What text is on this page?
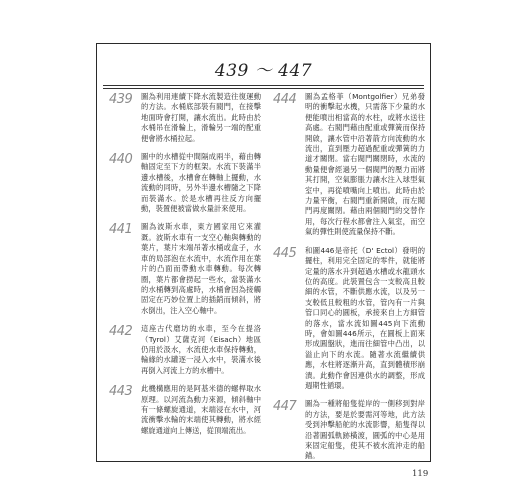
439 ～ 447
439	圖為利用連續下降水流製造往復運動的方法。水桶底部裝有閥門，在接擊地面時會打開，讓水流出。此時由於水桶吊在滑輪上，滑輪另一端的配重便會將水桶拉起。
440	圖中的水槽從中間隔成兩半，藉由轉軸固定至下方的框架。水流下裝滿半邊水槽後，水槽會在轉軸上擺動，水流動的同時，另外半邊水槽隨之下降而裝滿水。於是水槽再往反方向擺動，裝置便被當做水量計來使用。
441	圖為波斯水車，東方國家用它來灌溉。波斯水車有一支空心軸與轉動的葉片，葉片末端吊著水桶或盒子，水車的局部泡在水流中，水流作用在葉片的凸面而帶動水車轉動。每次轉圈，葉片都會撈起一些水，當裝滿水的水桶轉到高處時，水桶會因為接觸固定在巧妙位置上的插銷而傾斜，將水倒出，注入空心軸中。
442	這座古代磨坊的水車，至今在提洛（Tyrol）艾薩克河（Eisach）地區仍用於汲水，水流使水車保持轉動，輪緣的水罐逐一浸入水中，裝滿水後再倒入河流上方的水槽中。
443	此機構應用的是阿基米德的螺桿取水原理。以河流為動力來源，傾斜軸中有一條螺旋通道，末端浸在水中，河流衝擊水輪的末端使其轉動，將水經螺旋通道向上傳送，從頂端流出。
444	圖為孟格菲（Montgolfier）兄弟發明的衝擊起水機，只需落下少量的水便能噴出相當高的水柱，或將水送往高處。右閥門藉由配重或彈簧而保持開啟，讓水管中沿著箭方向流動的水流出，直到壓力超過配重或彈簧的力道才關閉。當右閥門關閉時，水流的動量便會經過另一個閥門的壓力而將其打開，空氣膨脹力讓水注入球型氣室中，再從噴嘴向上噴出。此時由於力量平衡，右閥門重新開啟，而左閥門再度關閉。藉由兩個閥門的交替作用，每次行程水都會注入氣室，而空氣的彈性則使流量保持不斷。
445	和圖446是帝托（D' Ectol）發明的擺柱，利用完全固定的零件，就能將定量的落水升到超過水槽或水龍頭水位的高度。此裝置包含一支較高且較細的水管，不斷供應水流，以及另一支較低且較粗的水管，管內有一片與管口同心的圓板，承接來自上方細管的落水，當水流如圖445向下流動時，會如圖446所示，在圓板上面來形成圓盤狀，進而往細管中凸出，以溢止向下的水流。隨著水流繼續供應，水柱將逐漸升高，直到體積形崩潰。此動作會因連供水的調整，形成週期性循環。
447	圖為一種將船隻從岸的一側移到對岸的方法，要是於要需河等地，此方法受到沖擊船舵的水流影響，船隻得以沿著圓弧軌跡橫渡，圓弧的中心是用來固定船隻，使其不被水流沖走的船錨。
119
